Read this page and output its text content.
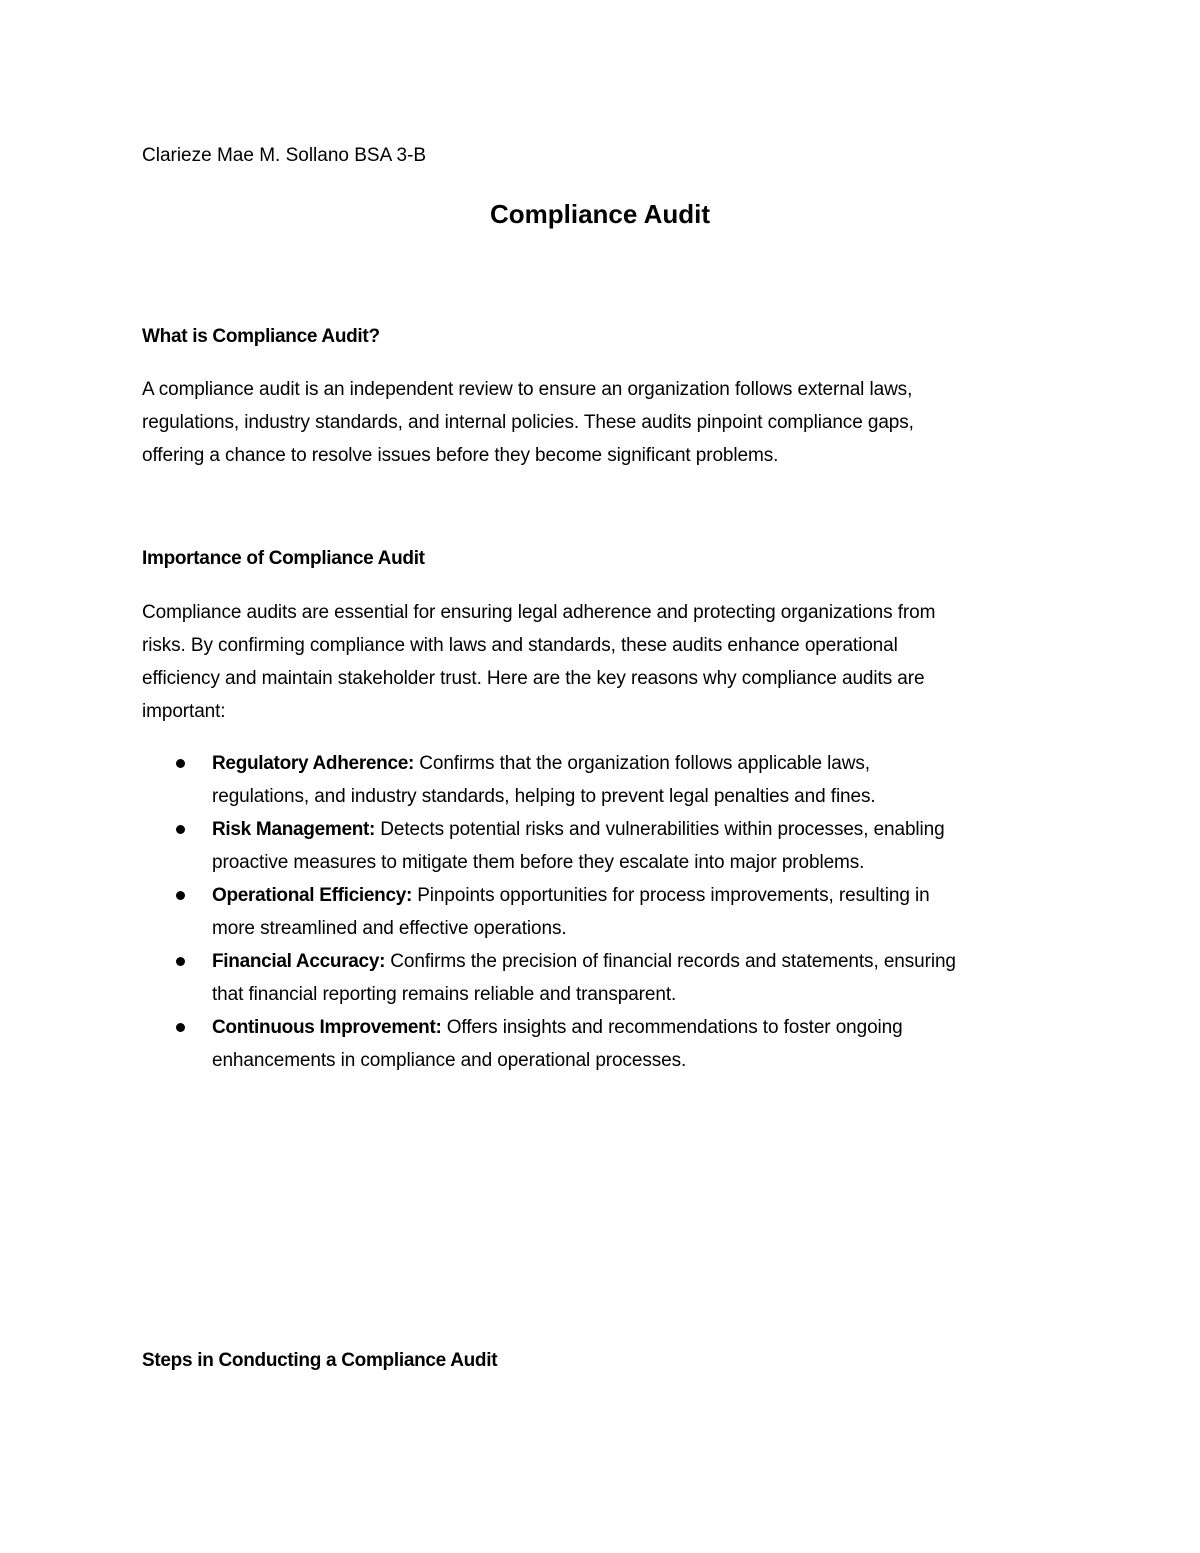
Clarieze Mae M. Sollano BSA 3-B
Compliance Audit
What is Compliance Audit?

A compliance audit is an independent review to ensure an organization follows external laws,
regulations, industry standards, and internal policies. These audits pinpoint compliance gaps,
offering a chance to resolve issues before they become significant problems.

Importance of Compliance Audit

Compliance audits are essential for ensuring legal adherence and protecting organizations from
risks. By confirming compliance with laws and standards, these audits enhance operational
efficiency and maintain stakeholder trust. Here are the key reasons why compliance audits are
important:

Regulatory Adherence: Confirms that the organization follows applicable laws,
regulations, and industry standards, helping to prevent legal penalties and fines.
Risk Management: Detects potential risks and vulnerabilities within processes, enabling
proactive measures to mitigate them before they escalate into major problems.
Operational Efficiency: Pinpoints opportunities for process improvements, resulting in
more streamlined and effective operations.
Financial Accuracy: Confirms the precision of financial records and statements, ensuring
that financial reporting remains reliable and transparent.
Continuous Improvement: Offers insights and recommendations to foster ongoing
enhancements in compliance and operational processes.
Steps in Conducting a Compliance Audit
